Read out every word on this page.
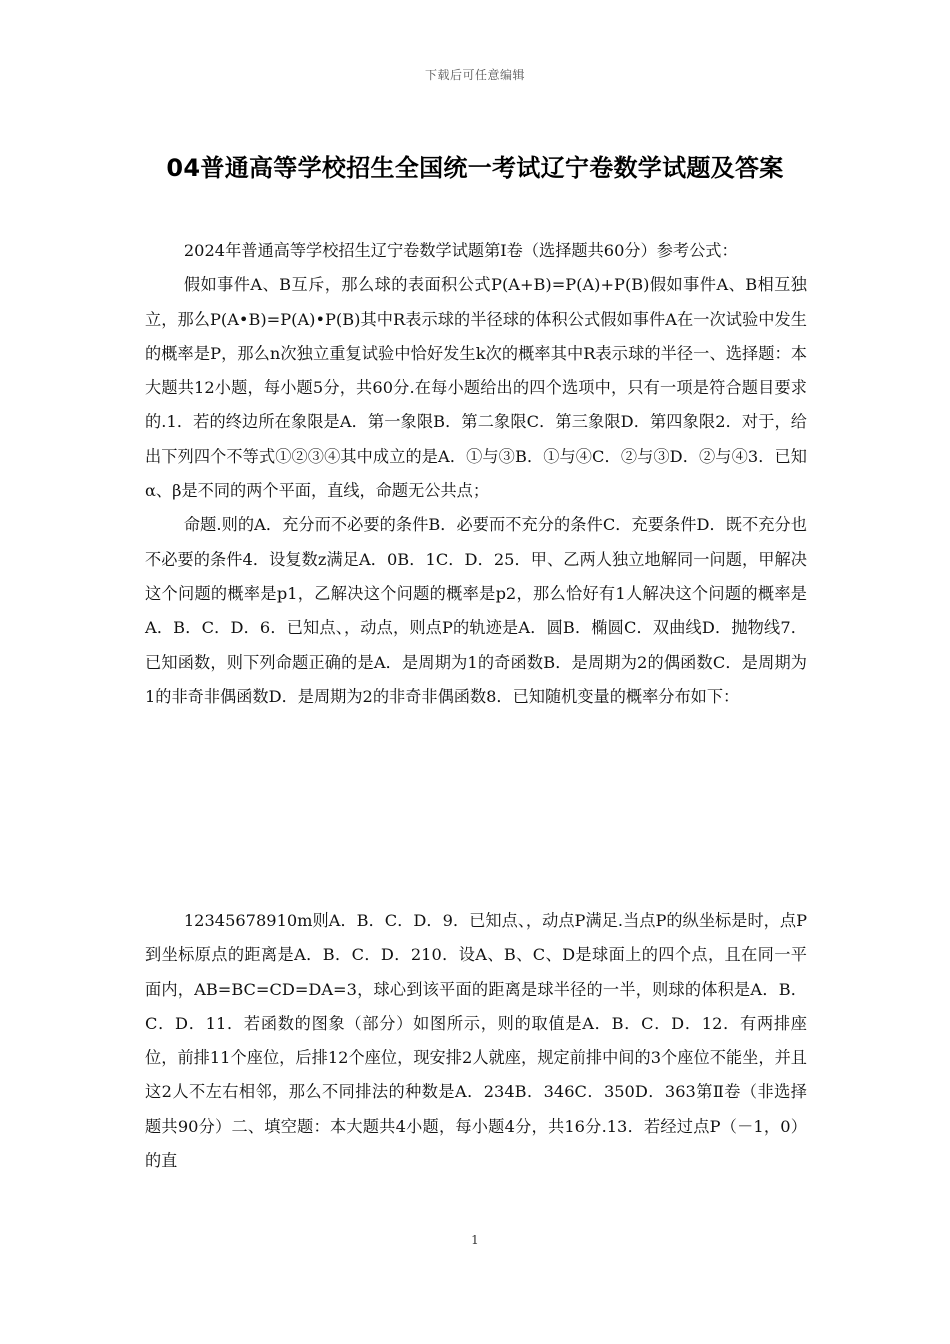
下载后可任意编辑
04普通高等学校招生全国统一考试辽宁卷数学试题及答案

2024年普通高等学校招生辽宁卷数学试题第Ⅰ卷（选择题共60分）参考公式：

假如事件A、B互斥，那么球的表面积公式P(A+B)=P(A)+P(B)假如事件A、B相互独立，那么P(A•B)=P(A)•P(B)其中R表示球的半径球的体积公式假如事件A在一次试验中发生的概率是P，那么n次独立重复试验中恰好发生k次的概率其中R表示球的半径一、选择题：本大题共12小题，每小题5分，共60分.在每小题给出的四个选项中，只有一项是符合题目要求的.1．若的终边所在象限是A．第一象限B．第二象限C．第三象限D．第四象限2．对于，给出下列四个不等式①②③④其中成立的是A．①与③B．①与④C．②与③D．②与④3．已知α、β是不同的两个平面，直线，命题无公共点；

命题.则的A．充分而不必要的条件B．必要而不充分的条件C．充要条件D．既不充分也不必要的条件4．设复数z满足A．0B．1C．D．25．甲、乙两人独立地解同一问题，甲解决这个问题的概率是p1，乙解决这个问题的概率是p2，那么恰好有1人解决这个问题的概率是A．B．C．D．6．已知点、，动点，则点P的轨迹是A．圆B．椭圆C．双曲线D．抛物线7．已知函数，则下列命题正确的是A．是周期为1的奇函数B．是周期为2的偶函数C．是周期为1的非奇非偶函数D．是周期为2的非奇非偶函数8．已知随机变量的概率分布如下：

12345678910m则A．B．C．D．9．已知点、，动点P满足.当点P的纵坐标是时，点P到坐标原点的距离是A．B．C．D．210．设A、B、C、D是球面上的四个点，且在同一平面内，AB=BC=CD=DA=3，球心到该平面的距离是球半径的一半，则球的体积是A．B．C．D．11．若函数的图象（部分）如图所示，则的取值是A．B．C．D．12．有两排座位，前排11个座位，后排12个座位，现安排2人就座，规定前排中间的3个座位不能坐，并且这2人不左右相邻，那么不同排法的种数是A．234B．346C．350D．363第Ⅱ卷（非选择题共90分）二、填空题：本大题共4小题，每小题4分，共16分.13．若经过点P（－1，0）的直

1
